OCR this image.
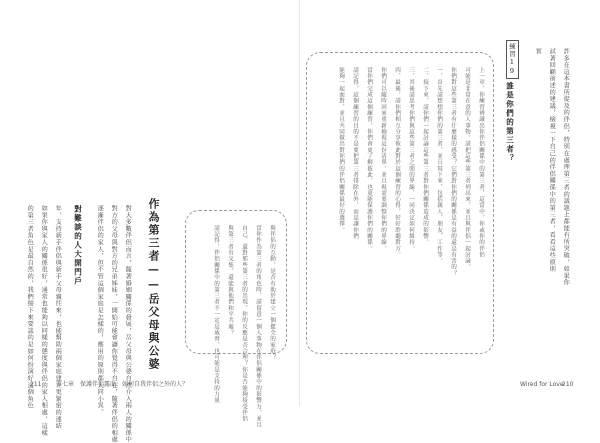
與伴侶的互動，是否有助於建立一個健全的家庭？
當你作為第三者的角色時，請留意一個人事物在伴侶關係中的影響力，並且
自己，還對那些第三者的出現，你的反應是否合理？你是否能夠接受伴侶
與第三者有交集，還能與他們和平共處？
請記得，伴侶關係中的第三者不一定是威脅，也可能是支持的力量
作為第三者——岳父母與公婆
對大多數伴侶而言，隨著婚姻關係的發展，岳父母與公婆自然介入兩人的關係中
對方的父母與對方的兄弟姊妹，一開始可能會讓你覺得不自在，隨著伴侶的相處
逐漸伴侶的家人，但不管這個家庭是怎樣的，應用的原則都大同小異。
對難談的人大開門戶
年，支持新手伴侶與新手父母親往來，也能幫助兩個家庭建立更緊密的連結
如果你與家人的關係很好，通常也能夠以同樣的態度與伴侶的家人相處，這樣
的第三者角色是最自然的，我們接下來要談的是如何扮演好這個角色
211 第七章　保護伴侶露面：如何自我伴侶之外的人？
許多在這本書所提及的伴侶，特別在處理第三者的議題上都能有所突破，如果你
試著回顧前述的建議，檢視一下自己的伴侶關係中的第三者，看看這些原則
實
練習19
誰是你們的第三者？
上一章，你練習辨識出你伴侶關係中的第三者，這當中，你或你的伴侶
可能是非常在意的人事物。請把這些第三者列出來，並且與伴侶一起討論。
你們對這些第三者有什麼樣的感受？它們對你們的關係是有益的還是有害的？
一、首先請想想你們的第三者，並且寫下來，包括親人、朋友、工作等。
二、接下來，請你們一起討論這些第三者對你們關係造成的影響。
三、其後請思考你們與這些第三者之間的界線，一同決定如何維持。
四、最後，請你們相互分享彼此對於這個練習的心得，好好聆聽對方。
你們可以隨時回來重新檢視這份清單，並且視需要調整你們的界線。
當你們完成這個練習，你們會更了解彼此，也更能保護你們的關係。
請記得，這個練習的目的不是要把第三者排除在外，而是讓你們
能夠一起面對，並且共同做出對你們的伴侶關係最好的選擇。
Wired for Love
210
